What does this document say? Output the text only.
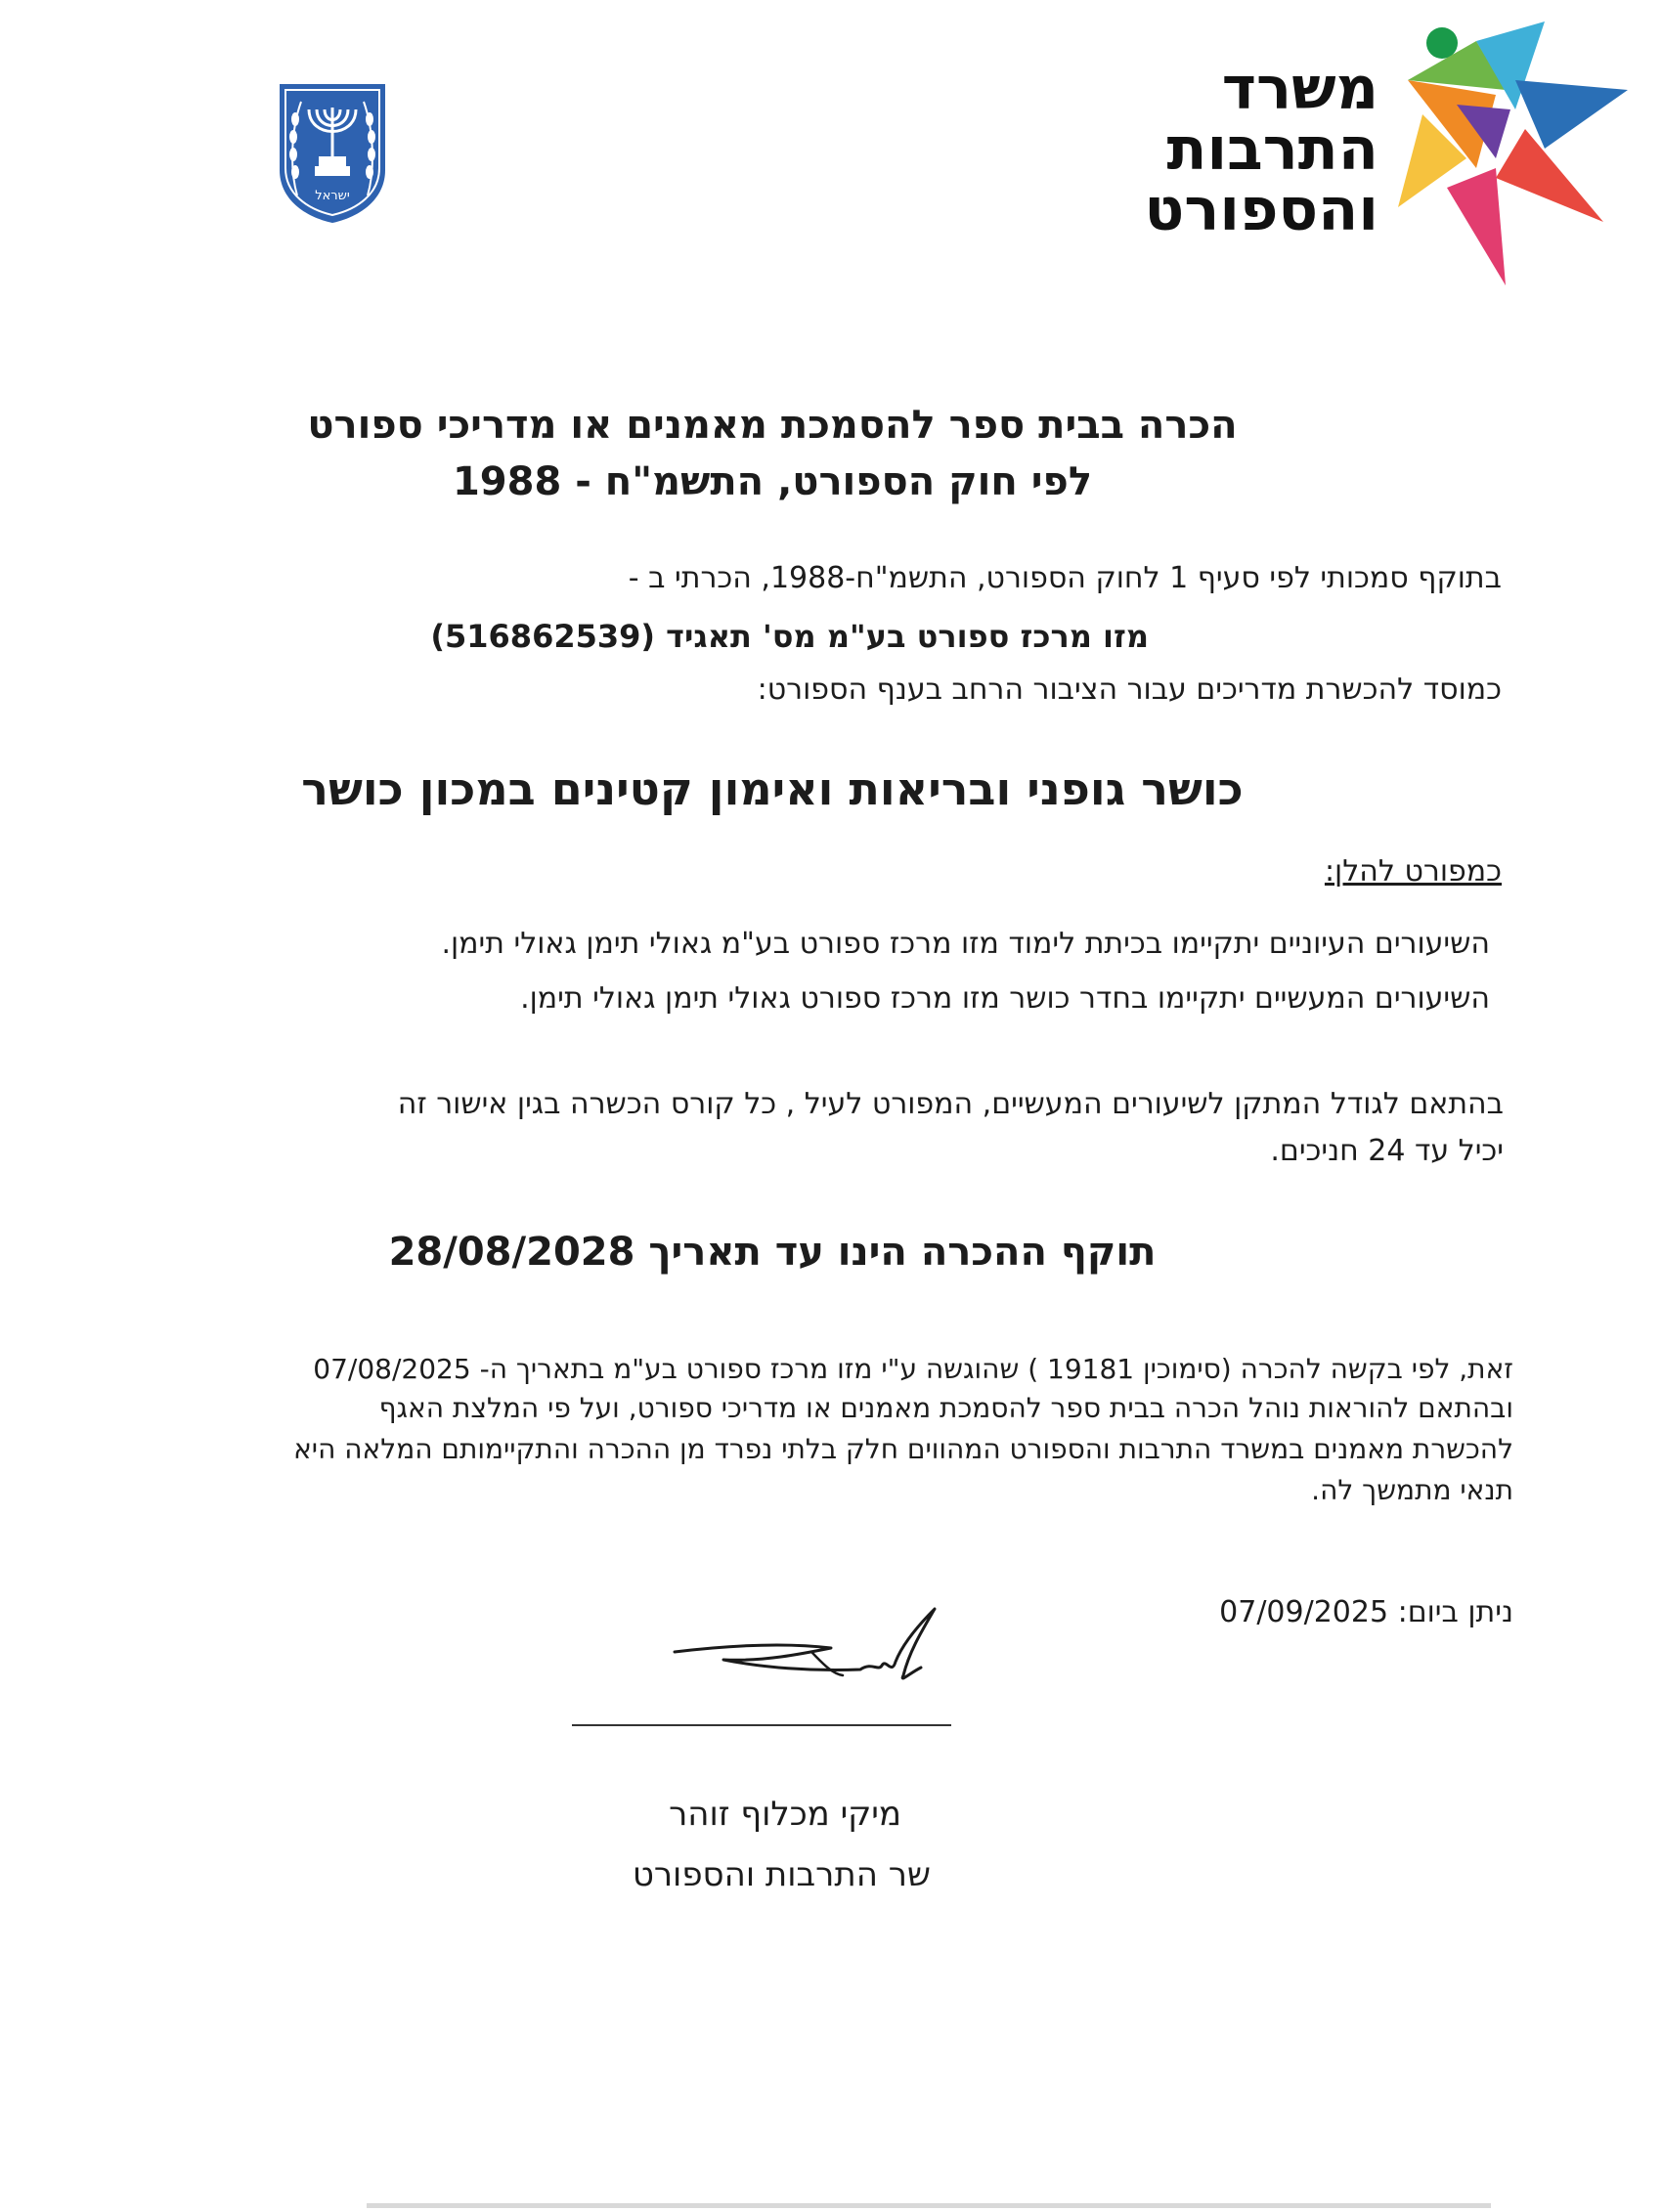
ישראל
משרד
התרבות
והספורט
הכרה בבית ספר להסמכת מאמנים או מדריכי ספורט
לפי חוק הספורט, התשמ"ח - 1988
בתוקף סמכותי לפי סעיף 1 לחוק הספורט, התשמ"ח-1988, הכרתי ב -
מזו מרכז ספורט בע"מ מס' תאגיד (516862539)
כמוסד להכשרת מדריכים עבור הציבור הרחב בענף הספורט:
כושר גופני ובריאות ואימון קטינים במכון כושר
כמפורט להלן:
השיעורים העיוניים יתקיימו בכיתת לימוד מזו מרכז ספורט בע"מ גאולי תימן גאולי תימן.
השיעורים המעשיים יתקיימו בחדר כושר מזו מרכז ספורט גאולי תימן גאולי תימן.
בהתאם לגודל המתקן לשיעורים המעשיים, המפורט לעיל , כל קורס הכשרה בגין אישור זה
יכיל עד 24 חניכים.
תוקף ההכרה הינו עד תאריך 28/08/2028
זאת, לפי בקשה להכרה (סימוכין 19181 ) שהוגשה ע"י מזו מרכז ספורט בע"מ בתאריך ה- 07/08/2025
ובהתאם להוראות נוהל הכרה בבית ספר להסמכת מאמנים או מדריכי ספורט, ועל פי המלצת האגף
להכשרת מאמנים במשרד התרבות והספורט המהווים חלק בלתי נפרד מן ההכרה והתקיימותם המלאה היא
תנאי מתמשך לה.
ניתן ביום: 07/09/2025
מיקי מכלוף זוהר
שר התרבות והספורט
